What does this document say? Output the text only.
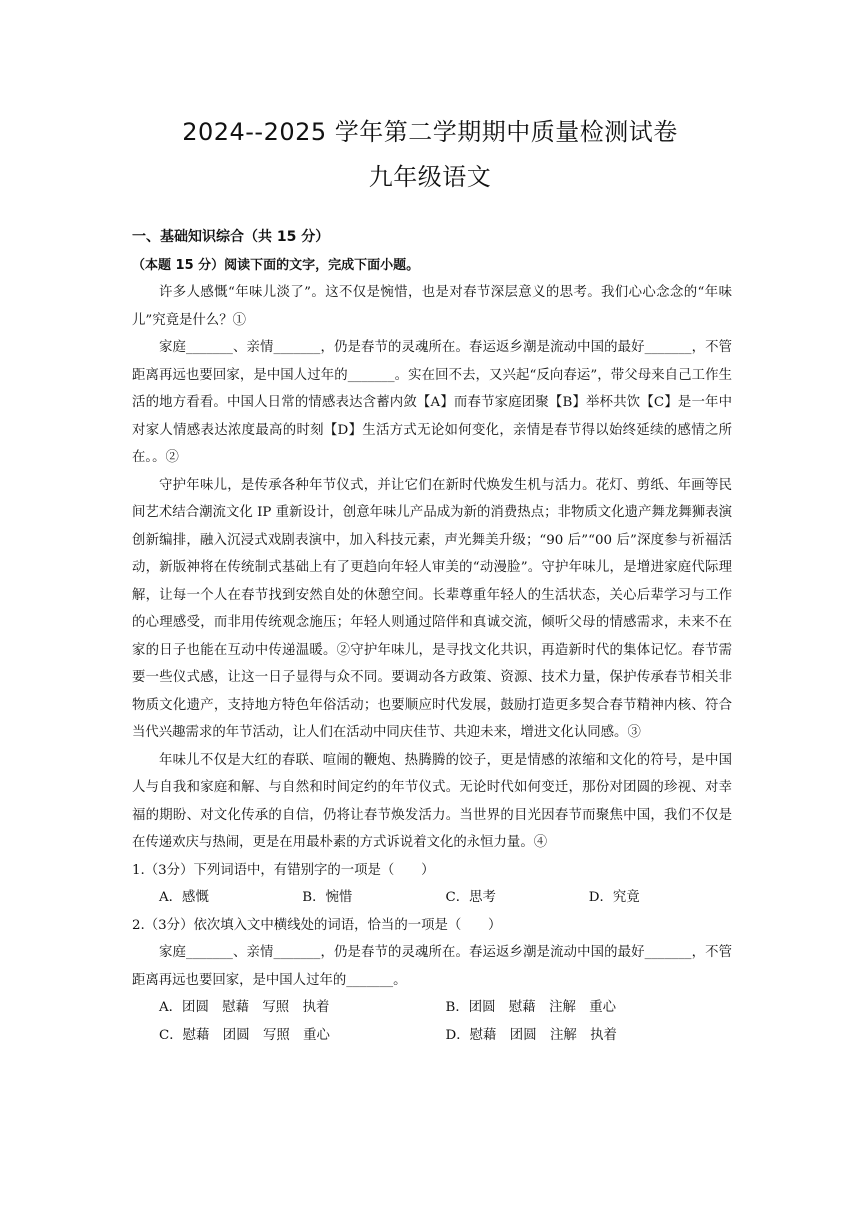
2024--2025 学年第二学期期中质量检测试卷
九年级语文

一、基础知识综合（共 15 分）

（本题 15 分）阅读下面的文字，完成下面小题。

许多人感慨“年味儿淡了”。这不仅是惋惜，也是对春节深层意义的思考。我们心心念念的“年味儿”究竟是什么？①

家庭_______、亲情_______，仍是春节的灵魂所在。春运返乡潮是流动中国的最好_______，不管距离再远也要回家，是中国人过年的_______。实在回不去，又兴起“反向春运”，带父母来自己工作生活的地方看看。中国人日常的情感表达含蓄内敛【A】而春节家庭团聚【B】举杯共饮【C】是一年中对家人情感表达浓度最高的时刻【D】生活方式无论如何变化，亲情是春节得以始终延续的感情之所在。。②

守护年味儿，是传承各种年节仪式，并让它们在新时代焕发生机与活力。花灯、剪纸、年画等民间艺术结合潮流文化 IP 重新设计，创意年味儿产品成为新的消费热点；非物质文化遗产舞龙舞狮表演创新编排，融入沉浸式戏剧表演中，加入科技元素，声光舞美升级；“90 后”“00 后”深度参与祈福活动，新版神将在传统制式基础上有了更趋向年轻人审美的“动漫脸”。守护年味儿，是增进家庭代际理解，让每一个人在春节找到安然自处的休憩空间。长辈尊重年轻人的生活状态，关心后辈学习与工作的心理感受，而非用传统观念施压；年轻人则通过陪伴和真诚交流，倾听父母的情感需求，未来不在家的日子也能在互动中传递温暖。②守护年味儿，是寻找文化共识，再造新时代的集体记忆。春节需要一些仪式感，让这一日子显得与众不同。要调动各方政策、资源、技术力量，保护传承春节相关非物质文化遗产，支持地方特色年俗活动；也要顺应时代发展，鼓励打造更多契合春节精神内核、符合当代兴趣需求的年节活动，让人们在活动中同庆佳节、共迎未来，增进文化认同感。③

年味儿不仅是大红的春联、喧闹的鞭炮、热腾腾的饺子，更是情感的浓缩和文化的符号，是中国人与自我和家庭和解、与自然和时间定约的年节仪式。无论时代如何变迁，那份对团圆的珍视、对幸福的期盼、对文化传承的自信，仍将让春节焕发活力。当世界的目光因春节而聚焦中国，我们不仅是在传递欢庆与热闹，更是在用最朴素的方式诉说着文化的永恒力量。④

1.（3分）下列词语中，有错别字的一项是（　　）

A．感慨	B．惋惜	C．思考	D．究竟

2.（3分）依次填入文中横线处的词语，恰当的一项是（　　）

家庭_______、亲情_______，仍是春节的灵魂所在。春运返乡潮是流动中国的最好_______，不管距离再远也要回家，是中国人过年的_______。

A．团圆　慰藉　写照　执着	B．团圆　慰藉　注解　重心
C．慰藉　团圆　写照　重心	D．慰藉　团圆　注解　执着
